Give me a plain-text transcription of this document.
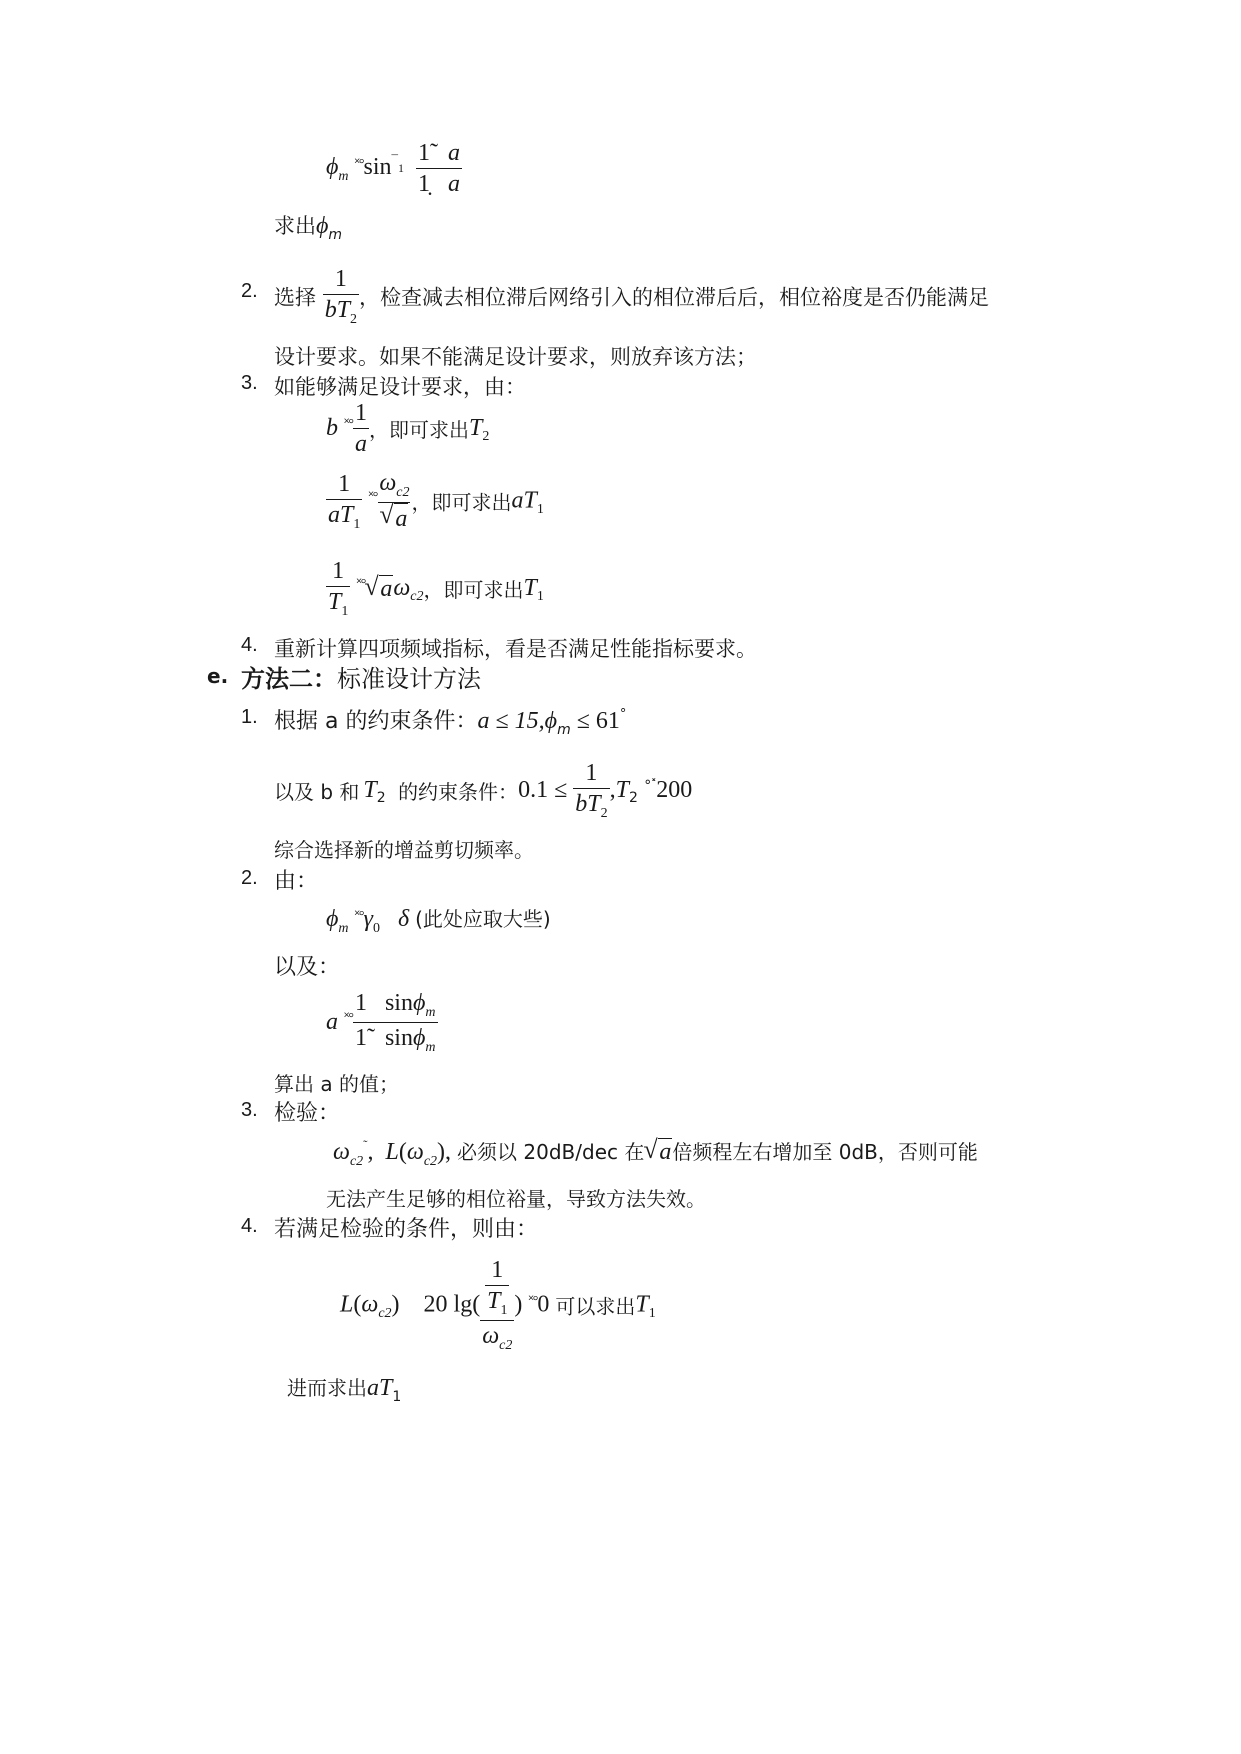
$\phi_m$ $^{˟^\circ}\sin^¯1 \frac{1̃ a}{1̣ a}$
求出$\phi_m$
2. 选择 $\frac{1}{bT_2}$ ，检查减去相位滞后网络引入的相位滞后后，相位裕度是否仍能满足
设计要求。如果不能满足设计要求，则放弃该方法；
3. 如能够满足设计要求，由：
b $^{˟^\circ} \frac{1}{a}$ ，即可求出$T_2$
$\frac{1}{aT_1} ^{˟^\circ}$ $\omega_{c2}$
√ a ，即可求出$aT_1$
$\frac{1}{T_1} ^{˟^\circ}√$ $a\omega_{c2}$，即可求出$T_1$
4. 重新计算四项频域指标，看是否满足性能指标要求。
e. 方法二：标准设计方法
1. 根据 a 的约束条件：$a \le 15,\phi_m \le 61^\circ$
以及 b 和 $T_2$ 的约束条件：$0.1 \le \frac{1}{bT_2} ,T_2$ °˟200
综合选择新的增益剪切频率。
2. 由：
$\phi_m$ $^{˟^\circ}\gamma_0$ δ (此处应取大些)
以及：
a $^{˟^\circ} \frac{1 \sin\phi_m}{1̃ \sin\phi_m}$
算出 a 的值；
3. 检验：
$\omega_{c2}^˜$, $L(\omega_{c2})$, 必须以 20dB/dec 在√ a倍频程左右增加至 0dB，否则可能
无法产生足够的相位裕量，导致方法失效。
4. 若满足检验的条件，则由：
$L(\omega_{c2})$ 20 $\lg( \frac{\frac{1}{T_1}}{\omega_{c2}}$ ) ˟°0 可以求出$T_1$
进而求出$aT_1$
